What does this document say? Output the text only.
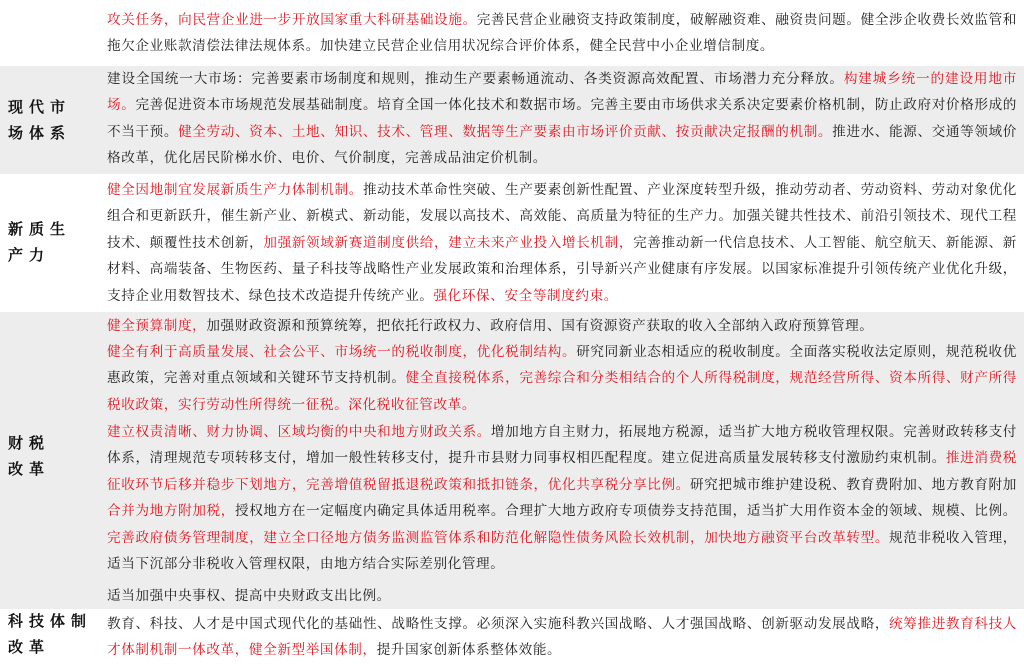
攻关任务，向民营企业进一步开放国家重大科研基础设施。完善民营企业融资支持政策制度，破解融资难、融资贵问题。健全涉企收费长效监管和拖欠企业账款清偿法律法规体系。加快建立民营企业信用状况综合评价体系，健全民营中小企业增信制度。
现代市场体系
建设全国统一大市场：完善要素市场制度和规则，推动生产要素畅通流动、各类资源高效配置、市场潜力充分释放。构建城乡统一的建设用地市场。完善促进资本市场规范发展基础制度。培育全国一体化技术和数据市场。完善主要由市场供求关系决定要素价格机制，防止政府对价格形成的不当干预。健全劳动、资本、土地、知识、技术、管理、数据等生产要素由市场评价贡献、按贡献决定报酬的机制。推进水、能源、交通等领域价格改革，优化居民阶梯水价、电价、气价制度，完善成品油定价机制。
新质生产力
健全因地制宜发展新质生产力体制机制。推动技术革命性突破、生产要素创新性配置、产业深度转型升级，推动劳动者、劳动资料、劳动对象优化组合和更新跃升，催生新产业、新模式、新动能，发展以高技术、高效能、高质量为特征的生产力。加强关键共性技术、前沿引领技术、现代工程技术、颠覆性技术创新，加强新领域新赛道制度供给，建立未来产业投入增长机制，完善推动新一代信息技术、人工智能、航空航天、新能源、新材料、高端装备、生物医药、量子科技等战略性产业发展政策和治理体系，引导新兴产业健康有序发展。以国家标准提升引领传统产业优化升级，支持企业用数智技术、绿色技术改造提升传统产业。强化环保、安全等制度约束。
财税改革
健全预算制度，加强财政资源和预算统筹，把依托行政权力、政府信用、国有资源资产获取的收入全部纳入政府预算管理。
健全有利于高质量发展、社会公平、市场统一的税收制度，优化税制结构。研究同新业态相适应的税收制度。全面落实税收法定原则，规范税收优惠政策，完善对重点领域和关键环节支持机制。健全直接税体系，完善综合和分类相结合的个人所得税制度，规范经营所得、资本所得、财产所得税收政策，实行劳动性所得统一征税。深化税收征管改革。
建立权责清晰、财力协调、区域均衡的中央和地方财政关系。增加地方自主财力，拓展地方税源，适当扩大地方税收管理权限。完善财政转移支付体系，清理规范专项转移支付，增加一般性转移支付，提升市县财力同事权相匹配程度。建立促进高质量发展转移支付激励约束机制。推进消费税征收环节后移并稳步下划地方，完善增值税留抵退税政策和抵扣链条，优化共享税分享比例。研究把城市维护建设税、教育费附加、地方教育附加合并为地方附加税，授权地方在一定幅度内确定具体适用税率。合理扩大地方政府专项债券支持范围，适当扩大用作资本金的领域、规模、比例。完善政府债务管理制度，建立全口径地方债务监测监管体系和防范化解隐性债务风险长效机制，加快地方融资平台改革转型。规范非税收入管理，适当下沉部分非税收入管理权限，由地方结合实际差别化管理。
适当加强中央事权、提高中央财政支出比例。
科技体制改革
教育、科技、人才是中国式现代化的基础性、战略性支撑。必须深入实施科教兴国战略、人才强国战略、创新驱动发展战略，统筹推进教育科技人才体制机制一体改革，健全新型举国体制，提升国家创新体系整体效能。
